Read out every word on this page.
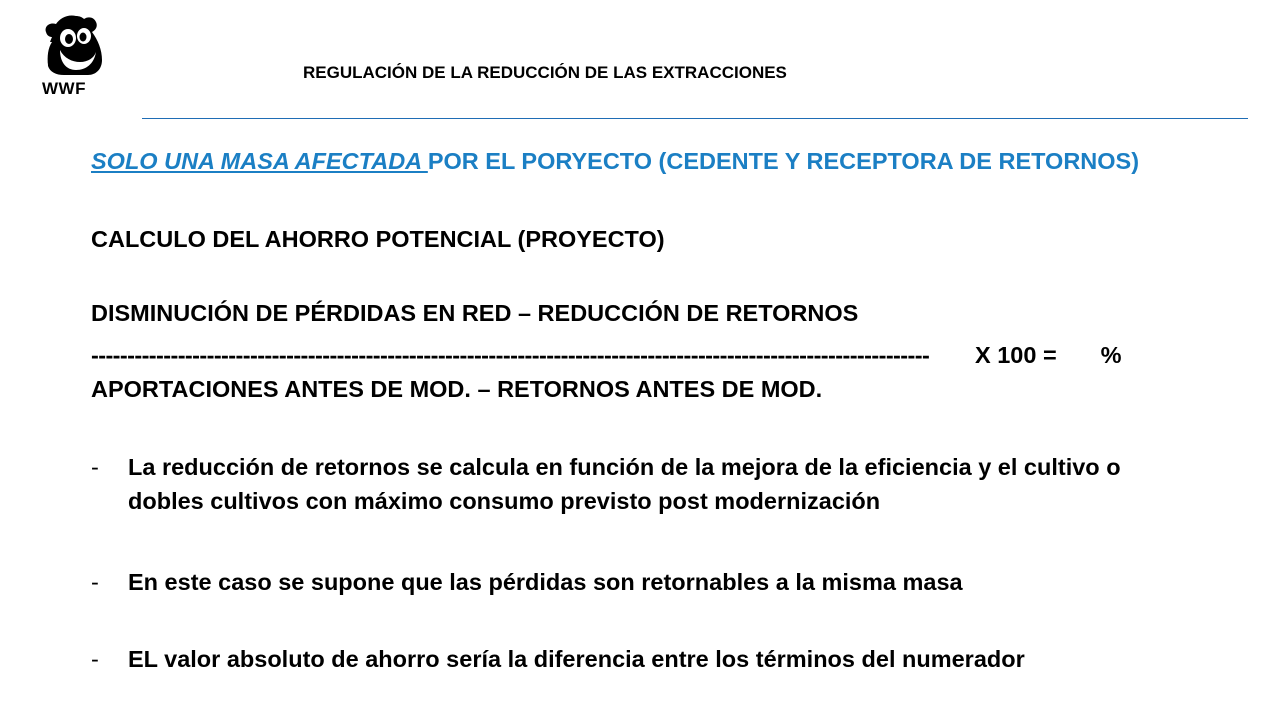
WWF
REGULACIÓN DE LA REDUCCIÓN DE LAS EXTRACCIONES
SOLO UNA MASA AFECTADA POR EL PORYECTO (CEDENTE Y RECEPTORA DE RETORNOS)
CALCULO DEL AHORRO POTENCIAL (PROYECTO)
DISMINUCIÓN DE PÉRDIDAS EN RED – REDUCCIÓN DE RETORNOS
-------------------------------------------------------------------------------------------------------------------- X 100 = %
APORTACIONES ANTES DE MOD. – RETORNOS ANTES DE MOD.
- La reducción de retornos se calcula en función de la mejora de la eficiencia y el cultivo o dobles cultivos con máximo consumo previsto post modernización
- En este caso se supone que las pérdidas son retornables a la misma masa
- EL valor absoluto de ahorro sería la diferencia entre los términos del numerador
